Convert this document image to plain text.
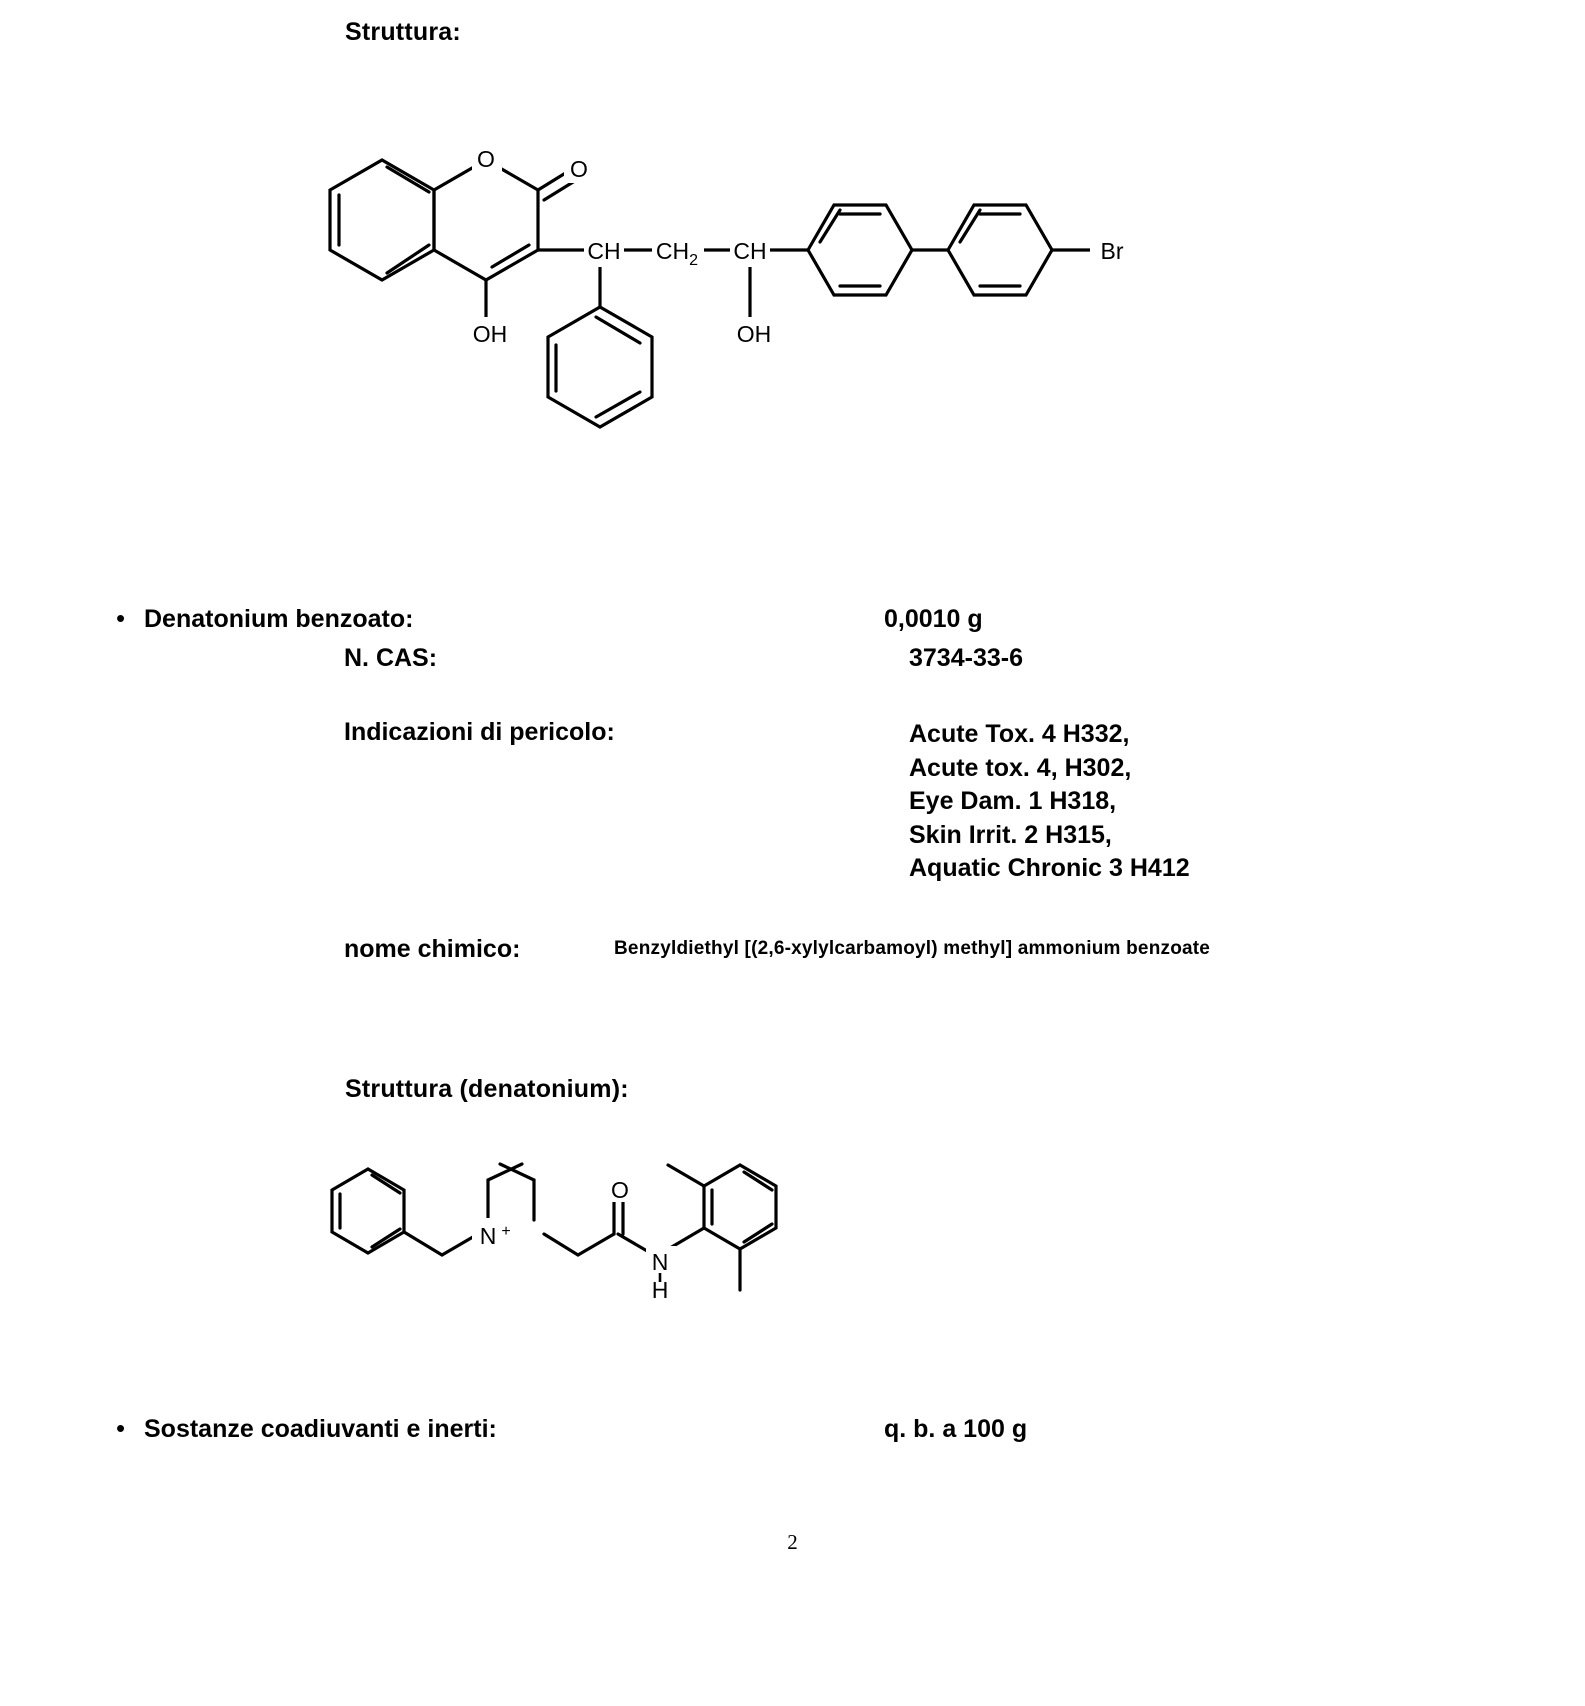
Struttura:
O	O
OH
CH $CH_2$ CH
OH
Br
• Denatonium benzoato:	0,0010 g
N. CAS:	3734-33-6
Indicazioni di pericolo:	Acute Tox. 4 H332,
Acute tox. 4, H302,
Eye Dam. 1 H318,
Skin Irrit. 2 H315,
Aquatic Chronic 3 H412
nome chimico:	Benzyldiethyl [(2,6-xylylcarbamoyl) methyl] ammonium benzoate
Struttura (denatonium):
N +
O
N
H
• Sostanze coadiuvanti e inerti:	q. b. a 100 g
2
